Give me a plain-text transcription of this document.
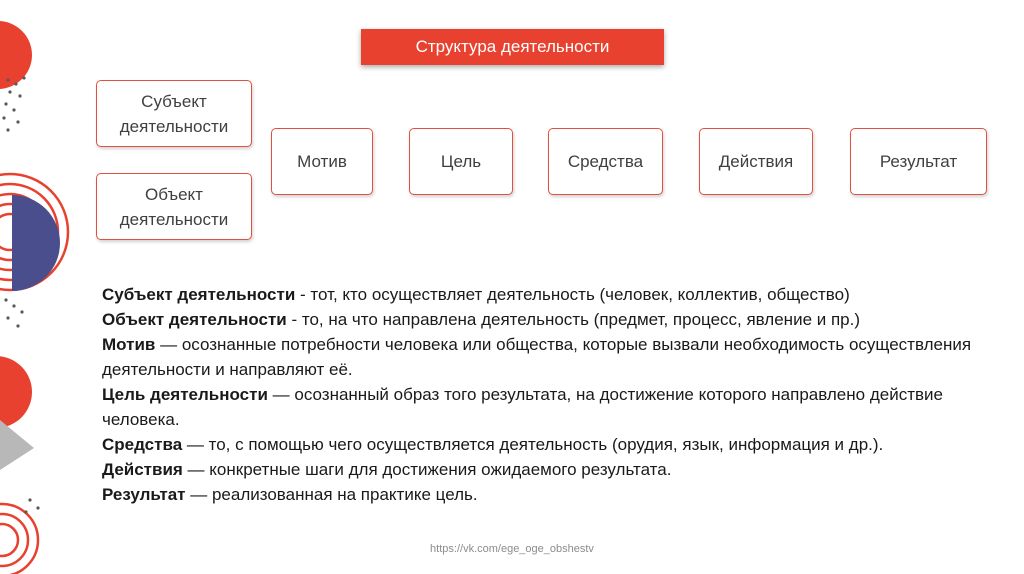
Структура деятельности
Субъект деятельности
Объект деятельности
Мотив	Цель	Средства	Действия	Результат

Субъект деятельности - тот, кто осуществляет деятельность (человек, коллектив, общество)

Объект деятельности - то, на что направлена деятельность (предмет, процесс, явление и пр.)

Мотив — осознанные потребности человека или общества, которые вызвали необходимость осуществления деятельности и направляют её.

Цель деятельности — осознанный образ того результата, на достижение которого направлено действие человека.

Средства — то, с помощью чего осуществляется деятельность (орудия, язык, информация и др.).

Действия — конкретные шаги для достижения ожидаемого результата.

Результат — реализованная на практике цель.

https://vk.com/ege_oge_obshestv
